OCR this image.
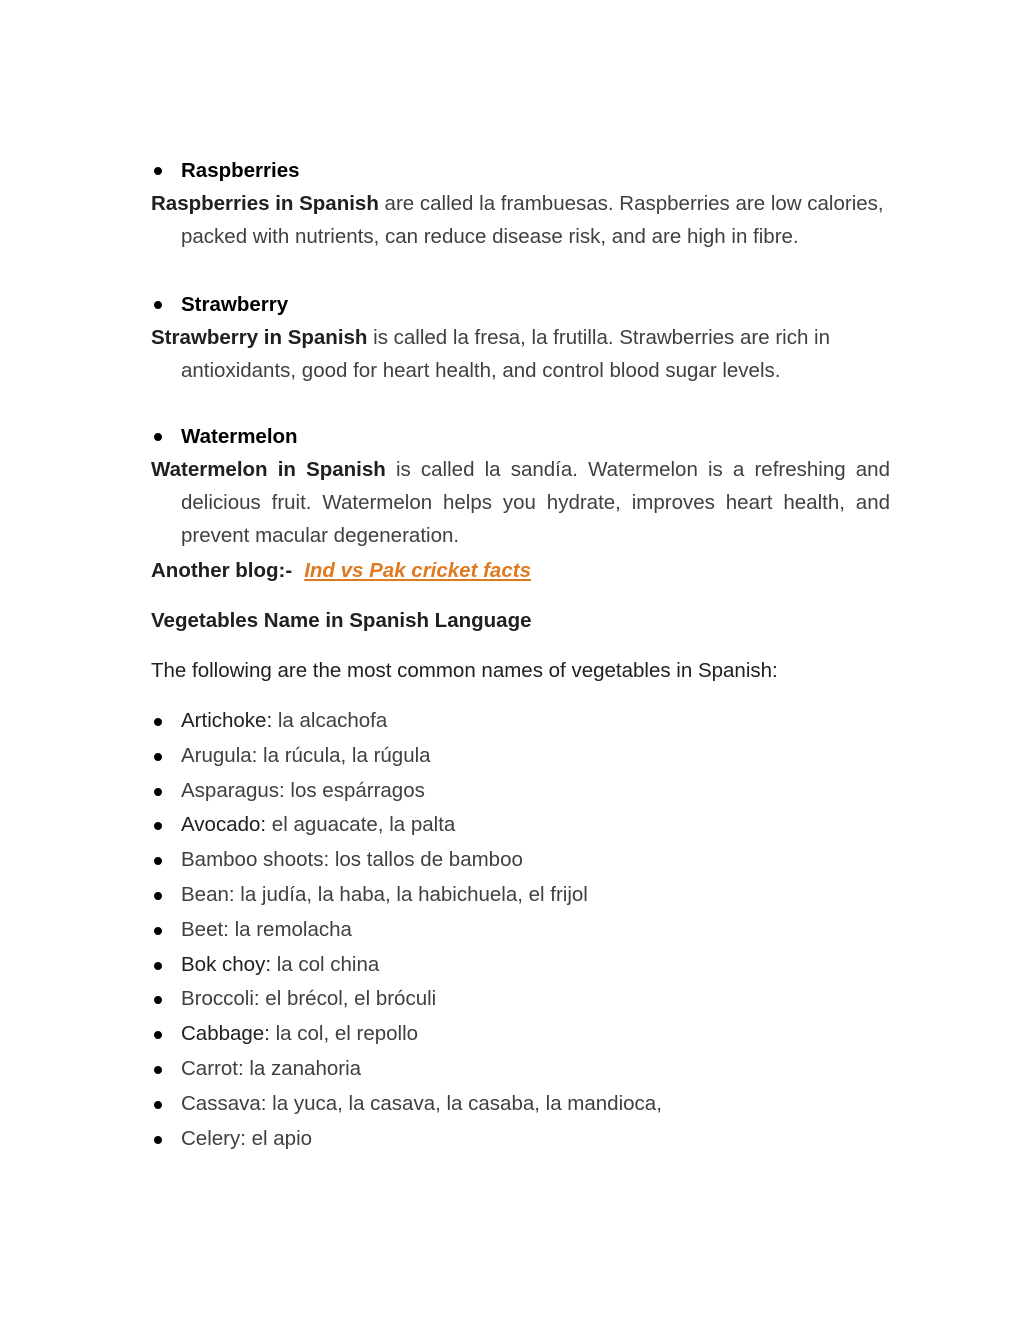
Raspberries

Raspberries in Spanish are called la frambuesas. Raspberries are low calories, packed with nutrients, can reduce disease risk, and are high in fibre.

Strawberry

Strawberry in Spanish is called la fresa, la frutilla. Strawberries are rich in antioxidants, good for heart health, and control blood sugar levels.

Watermelon

Watermelon in Spanish is called la sandía. Watermelon is a refreshing and delicious fruit. Watermelon helps you hydrate, improves heart health, and prevent macular degeneration.

Another blog:- Ind vs Pak cricket facts
Vegetables Name in Spanish Language
The following are the most common names of vegetables in Spanish:
Artichoke: la alcachofa
Arugula: la rúcula, la rúgula
Asparagus: los espárragos
Avocado: el aguacate, la palta
Bamboo shoots: los tallos de bamboo
Bean: la judía, la haba, la habichuela, el frijol
Beet: la remolacha
Bok choy: la col china
Broccoli: el brécol, el bróculi
Cabbage: la col, el repollo
Carrot: la zanahoria
Cassava: la yuca, la casava, la casaba, la mandioca,
Celery: el apio
